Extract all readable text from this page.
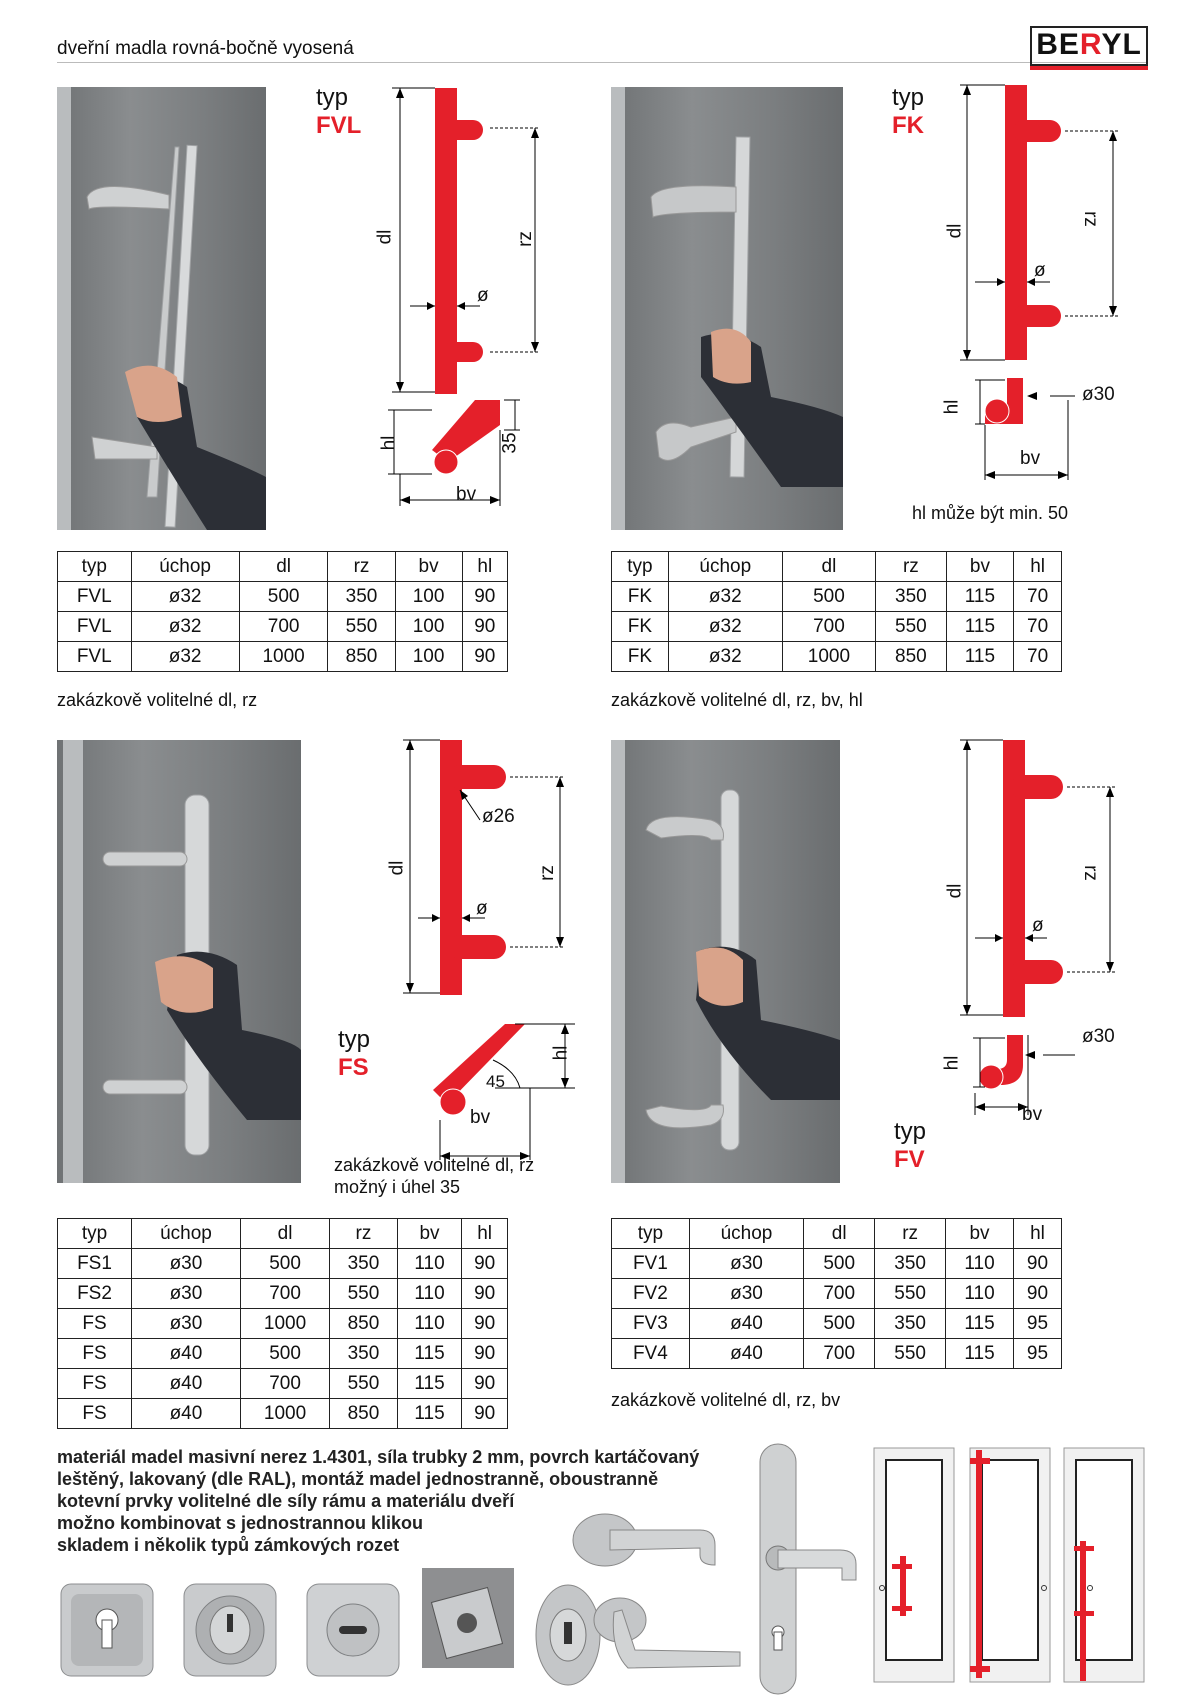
dveřní madla rovná-bočně vyosená	BERYL
typ
FVL
dl	rz
ø
hl	35
bv
typ	úchop	dl	rz	bv	hl
FVL	ø32	500	350	100	90
FVL	ø32	700	550	100	90
FVL	ø32	1000	850	100	90
zakázkově volitelné dl, rz
typ
FK
dl
rz
ø
hl
ø30
bv
hl může být min. 50
typ	úchop	dl	rz	bv	hl
FK	ø32	500	350	115	70
FK	ø32	700	550	115	70
FK	ø32	1000	850	115	70
zakázkově volitelné dl, rz, bv, hl
dl	rz
ø26
ø
typ
FS
45
hl
bv
zakázkově volitelné dl, rz
možný i úhel 35
typ	úchop	dl	rz	bv	hl
FS1	ø30	500	350	110	90
FS2	ø30	700	550	110	90
FS	ø30	1000	850	110	90
FS	ø40	500	350	115	90
FS	ø40	700	550	115	90
FS	ø40	1000	850	115	90
dl
rz
ø
hl
ø30
bv
typ
FV
typ	úchop	dl	rz	bv	hl
FV1	ø30	500	350	110	90
FV2	ø30	700	550	110	90
FV3	ø40	500	350	115	95
FV4	ø40	700	550	115	95
zakázkově volitelné dl, rz, bv
materiál madel masivní nerez 1.4301, síla trubky 2 mm, povrch kartáčovaný
leštěný, lakovaný (dle RAL), montáž madel jednostranně, oboustranně
kotevní prvky volitelné dle síly rámu a materiálu dveří
možno kombinovat s jednostrannou klikou
skladem i několik typů zámkových rozet
